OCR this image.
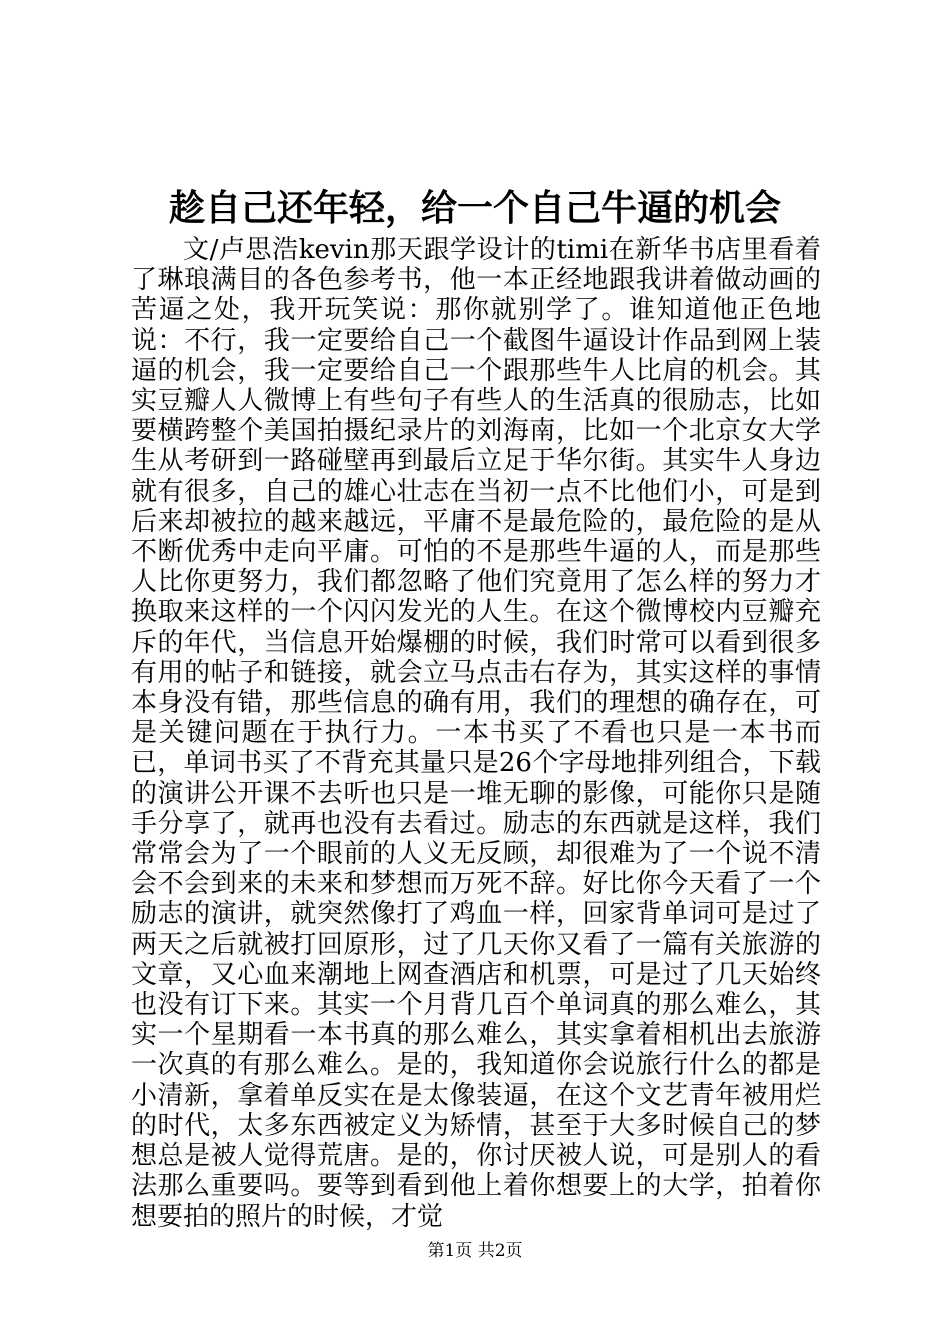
趁自己还年轻，给一个自己牛逼的机会

文/卢思浩kevin那天跟学设计的timi在新华书店里看着了琳琅满目的各色参考书，他一本正经地跟我讲着做动画的苦逼之处，我开玩笑说：那你就别学了。谁知道他正色地说：不行，我一定要给自己一个截图牛逼设计作品到网上装逼的机会，我一定要给自己一个跟那些牛人比肩的机会。其实豆瓣人人微博上有些句子有些人的生活真的很励志，比如要横跨整个美国拍摄纪录片的刘海南，比如一个北京女大学生从考研到一路碰壁再到最后立足于华尔街。其实牛人身边就有很多，自己的雄心壮志在当初一点不比他们小，可是到后来却被拉的越来越远，平庸不是最危险的，最危险的是从不断优秀中走向平庸。可怕的不是那些牛逼的人，而是那些人比你更努力，我们都忽略了他们究竟用了怎么样的努力才换取来这样的一个闪闪发光的人生。在这个微博校内豆瓣充斥的年代，当信息开始爆棚的时候，我们时常可以看到很多有用的帖子和链接，就会立马点击右存为，其实这样的事情本身没有错，那些信息的确有用，我们的理想的确存在，可是关键问题在于执行力。一本书买了不看也只是一本书而已，单词书买了不背充其量只是26个字母地排列组合，下载的演讲公开课不去听也只是一堆无聊的影像，可能你只是随手分享了，就再也没有去看过。励志的东西就是这样，我们常常会为了一个眼前的人义无反顾，却很难为了一个说不清会不会到来的未来和梦想而万死不辞。好比你今天看了一个励志的演讲，就突然像打了鸡血一样，回家背单词可是过了两天之后就被打回原形，过了几天你又看了一篇有关旅游的文章，又心血来潮地上网查酒店和机票，可是过了几天始终也没有订下来。其实一个月背几百个单词真的那么难么，其实一个星期看一本书真的那么难么，其实拿着相机出去旅游一次真的有那么难么。是的，我知道你会说旅行什么的都是小清新，拿着单反实在是太像装逼，在这个文艺青年被用烂的时代，太多东西被定义为矫情，甚至于大多时候自己的梦想总是被人觉得荒唐。是的，你讨厌被人说，可是别人的看法那么重要吗。要等到看到他上着你想要上的大学，拍着你想要拍的照片的时候，才觉

第1页 共2页
